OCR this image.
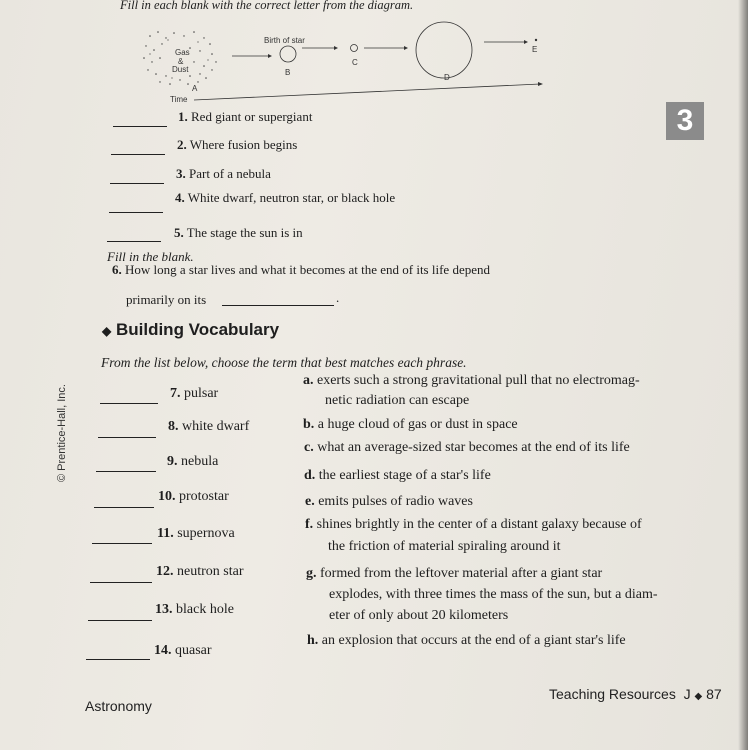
Fill in each blank with the correct letter from the diagram.
Gas
&
Dust
Birth of star
A
B
C
D
E
Time
3
1. Red giant or supergiant
2. Where fusion begins
3. Part of a nebula
4. White dwarf, neutron star, or black hole
5. The stage the sun is in
Fill in the blank.
6. How long a star lives and what it becomes at the end of its life depend
primarily on its	.
◆ Building Vocabulary
From the list below, choose the term that best matches each phrase.
© Prentice-Hall, Inc.	7. pulsar
8. white dwarf
9. nebula
10. protostar
11. supernova
12. neutron star
13. black hole
14. quasar
a. exerts such a strong gravitational pull that no electromag-
netic radiation can escape
b. a huge cloud of gas or dust in space
c. what an average-sized star becomes at the end of its life
d. the earliest stage of a star's life
e. emits pulses of radio waves
f. shines brightly in the center of a distant galaxy because of
the friction of material spiraling around it
g. formed from the leftover material after a giant star
explodes, with three times the mass of the sun, but a diam-
eter of only about 20 kilometers
h. an explosion that occurs at the end of a giant star's life
Astronomy
Teaching Resources J ◆ 87
